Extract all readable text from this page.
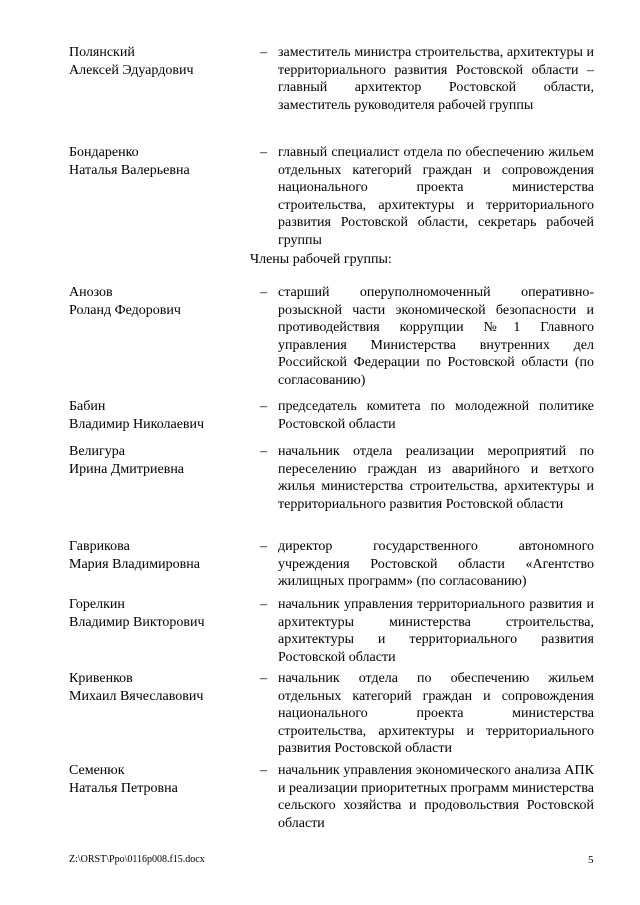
Полянский
Алексей Эдуардович
– заместитель министра строительства, архитектуры и территориального развития Ростовской области – главный архитектор Ростовской области, заместитель руководителя рабочей группы
Бондаренко
Наталья Валерьевна
– главный специалист отдела по обеспечению жильем отдельных категорий граждан и сопровождения национального проекта министерства строительства, архитектуры и территориального развития Ростовской области, секретарь рабочей группы
Члены рабочей группы:
Анозов
Роланд Федорович
– старший оперуполномоченный оперативно-розыскной части экономической безопасности и противодействия коррупции №1 Главного управления Министерства внутренних дел Российской Федерации по Ростовской области (по согласованию)
Бабин
Владимир Николаевич
– председатель комитета по молодежной политике Ростовской области
Велигура
Ирина Дмитриевна
– начальник отдела реализации мероприятий по переселению граждан из аварийного и ветхого жилья министерства строительства, архитектуры и территориального развития Ростовской области
Гаврикова
Мария Владимировна
– директор государственного автономного учреждения Ростовской области «Агентство жилищных программ» (по согласованию)
Горелкин
Владимир Викторович
– начальник управления территориального развития и архитектуры министерства строительства, архитектуры и территориального развития Ростовской области
Кривенков
Михаил Вячеславович
– начальник отдела по обеспечению жильем отдельных категорий граждан и сопровождения национального проекта министерства строительства, архитектуры и территориального развития Ростовской области
Семенюк
Наталья Петровна
– начальник управления экономического анализа АПК и реализации приоритетных программ министерства сельского хозяйства и продовольствия Ростовской области
Z:\ORST\Ppo\0116p008.f15.docx	5
